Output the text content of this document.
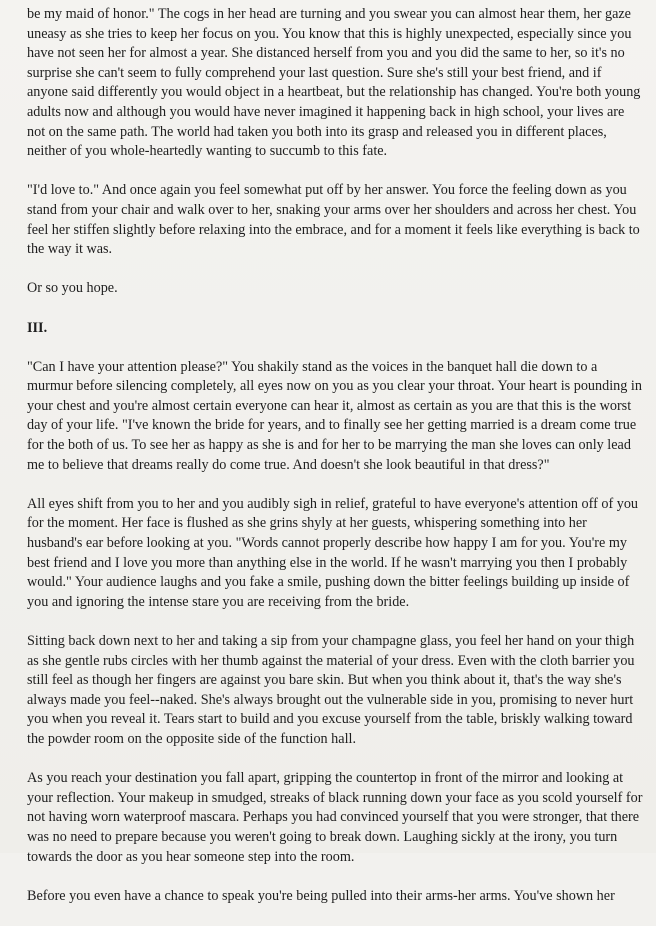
be my maid of honor." The cogs in her head are turning and you swear you can almost hear them, her gaze uneasy as she tries to keep her focus on you. You know that this is highly unexpected, especially since you have not seen her for almost a year. She distanced herself from you and you did the same to her, so it's no surprise she can't seem to fully comprehend your last question. Sure she's still your best friend, and if anyone said differently you would object in a heartbeat, but the relationship has changed. You're both young adults now and although you would have never imagined it happening back in high school, your lives are not on the same path. The world had taken you both into its grasp and released you in different places, neither of you whole-heartedly wanting to succumb to this fate.

"I'd love to." And once again you feel somewhat put off by her answer. You force the feeling down as you stand from your chair and walk over to her, snaking your arms over her shoulders and across her chest. You feel her stiffen slightly before relaxing into the embrace, and for a moment it feels like everything is back to the way it was.

Or so you hope.

III.

"Can I have your attention please?" You shakily stand as the voices in the banquet hall die down to a murmur before silencing completely, all eyes now on you as you clear your throat. Your heart is pounding in your chest and you're almost certain everyone can hear it, almost as certain as you are that this is the worst day of your life. "I've known the bride for years, and to finally see her getting married is a dream come true for the both of us. To see her as happy as she is and for her to be marrying the man she loves can only lead me to believe that dreams really do come true. And doesn't she look beautiful in that dress?"

All eyes shift from you to her and you audibly sigh in relief, grateful to have everyone's attention off of you for the moment. Her face is flushed as she grins shyly at her guests, whispering something into her husband's ear before looking at you. "Words cannot properly describe how happy I am for you. You're my best friend and I love you more than anything else in the world. If he wasn't marrying you then I probably would." Your audience laughs and you fake a smile, pushing down the bitter feelings building up inside of you and ignoring the intense stare you are receiving from the bride.

Sitting back down next to her and taking a sip from your champagne glass, you feel her hand on your thigh as she gentle rubs circles with her thumb against the material of your dress. Even with the cloth barrier you still feel as though her fingers are against you bare skin. But when you think about it, that's the way she's always made you feel--naked. She's always brought out the vulnerable side in you, promising to never hurt you when you reveal it. Tears start to build and you excuse yourself from the table, briskly walking toward the powder room on the opposite side of the function hall.

As you reach your destination you fall apart, gripping the countertop in front of the mirror and looking at your reflection. Your makeup in smudged, streaks of black running down your face as you scold yourself for not having worn waterproof mascara. Perhaps you had convinced yourself that you were stronger, that there was no need to prepare because you weren't going to break down. Laughing sickly at the irony, you turn towards the door as you hear someone step into the room.

Before you even have a chance to speak you're being pulled into their arms-her arms. You've shown her
